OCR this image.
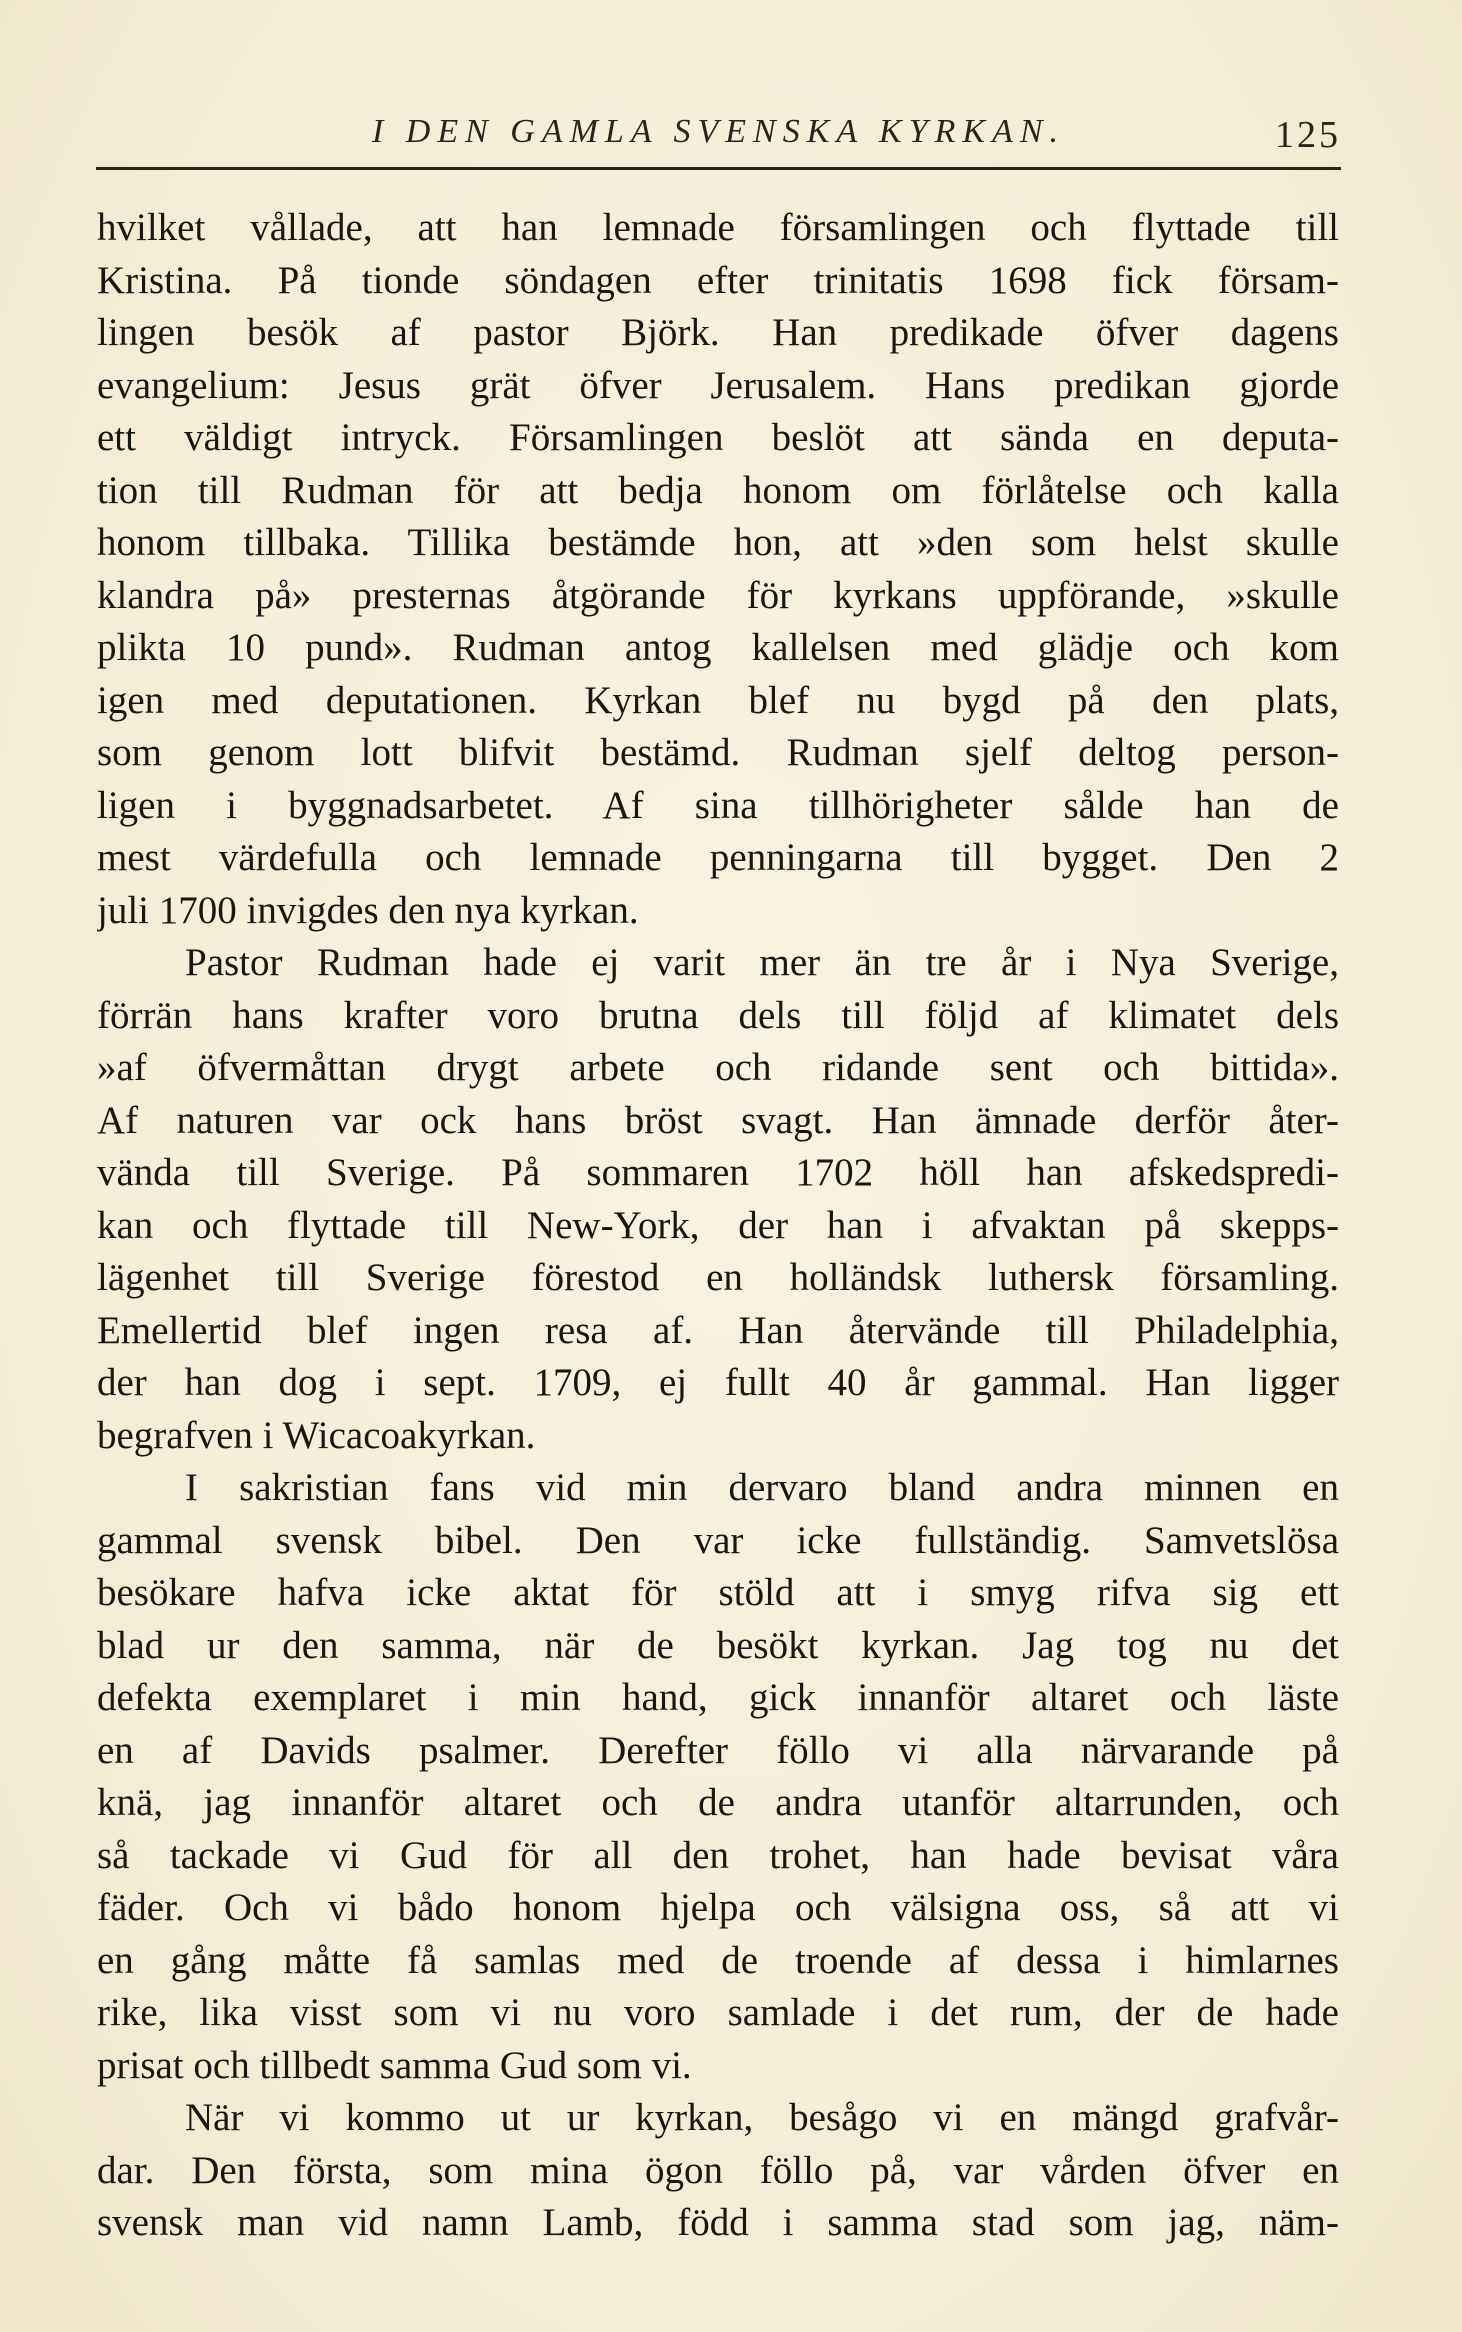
I DEN GAMLA SVENSKA KYRKAN.	125
hvilket vållade, att han lemnade församlingen och flyttade till
Kristina. På tionde söndagen efter trinitatis 1698 fick försam-
lingen besök af pastor Björk. Han predikade öfver dagens
evangelium: Jesus grät öfver Jerusalem. Hans predikan gjorde
ett väldigt intryck. Församlingen beslöt att sända en deputa-
tion till Rudman för att bedja honom om förlåtelse och kalla
honom tillbaka. Tillika bestämde hon, att »den som helst skulle
klandra på» presternas åtgörande för kyrkans uppförande, »skulle
plikta 10 pund». Rudman antog kallelsen med glädje och kom
igen med deputationen. Kyrkan blef nu bygd på den plats,
som genom lott blifvit bestämd. Rudman sjelf deltog person-
ligen i byggnadsarbetet. Af sina tillhörigheter sålde han de
mest värdefulla och lemnade penningarna till bygget. Den 2
juli 1700 invigdes den nya kyrkan.
Pastor Rudman hade ej varit mer än tre år i Nya Sverige,
förrän hans krafter voro brutna dels till följd af klimatet dels
»af öfvermåttan drygt arbete och ridande sent och bittida».
Af naturen var ock hans bröst svagt. Han ämnade derför åter-
vända till Sverige. På sommaren 1702 höll han afskedspredi-
kan och flyttade till New-York, der han i afvaktan på skepps-
lägenhet till Sverige förestod en holländsk luthersk församling.
Emellertid blef ingen resa af. Han återvände till Philadelphia,
der han dog i sept. 1709, ej fullt 40 år gammal. Han ligger
begrafven i Wicacoakyrkan.
I sakristian fans vid min dervaro bland andra minnen en
gammal svensk bibel. Den var icke fullständig. Samvetslösa
besökare hafva icke aktat för stöld att i smyg rifva sig ett
blad ur den samma, när de besökt kyrkan. Jag tog nu det
defekta exemplaret i min hand, gick innanför altaret och läste
en af Davids psalmer. Derefter föllo vi alla närvarande på
knä, jag innanför altaret och de andra utanför altarrunden, och
så tackade vi Gud för all den trohet, han hade bevisat våra
fäder. Och vi bådo honom hjelpa och välsigna oss, så att vi
en gång måtte få samlas med de troende af dessa i himlarnes
rike, lika visst som vi nu voro samlade i det rum, der de hade
prisat och tillbedt samma Gud som vi.
När vi kommo ut ur kyrkan, besågo vi en mängd grafvår-
dar. Den första, som mina ögon föllo på, var vården öfver en
svensk man vid namn Lamb, född i samma stad som jag, näm-
